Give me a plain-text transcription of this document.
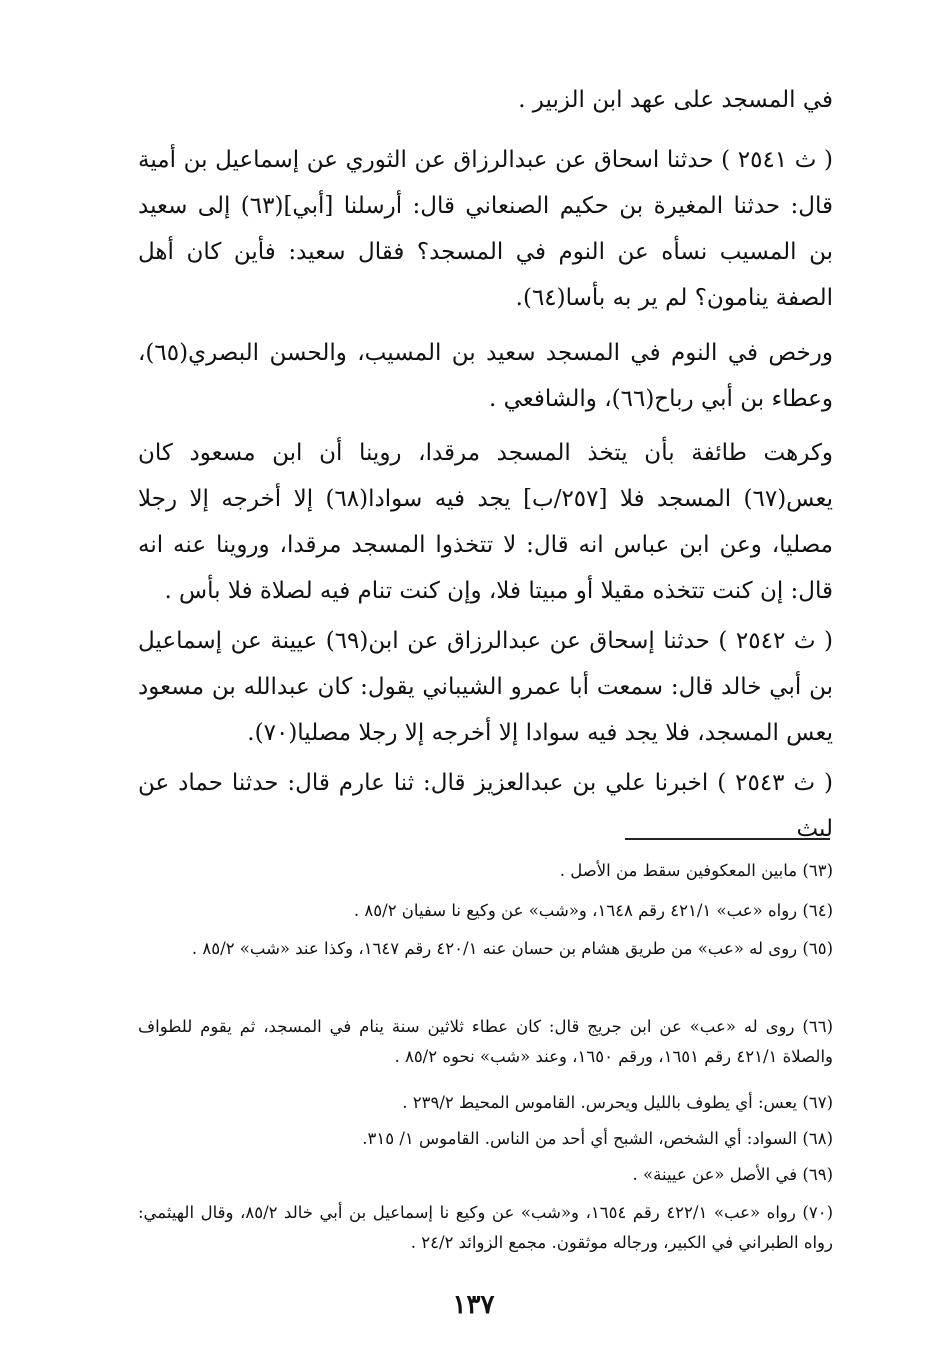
في المسجد على عهد ابن الزبير .

( ث ٢٥٤١ ) حدثنا اسحاق عن عبدالرزاق عن الثوري عن إسماعيل بن أمية قال: حدثنا المغيرة بن حكيم الصنعاني قال: أرسلنا [أبي](٦٣) إلى سعيد بن المسيب نسأه عن النوم في المسجد؟ فقال سعيد: فأين كان أهل الصفة ينامون؟ لم ير به بأسا(٦٤).

ورخص في النوم في المسجد سعيد بن المسيب، والحسن البصري(٦٥)، وعطاء بن أبي رباح(٦٦)، والشافعي .

وكرهت طائفة بأن يتخذ المسجد مرقدا، روينا أن ابن مسعود كان يعس(٦٧) المسجد فلا [٢٥٧/ب] يجد فيه سوادا(٦٨) إلا أخرجه إلا رجلا مصليا، وعن ابن عباس انه قال: لا تتخذوا المسجد مرقدا، وروينا عنه انه قال: إن كنت تتخذه مقيلا أو مبيتا فلا، وإن كنت تنام فيه لصلاة فلا بأس .

( ث ٢٥٤٢ ) حدثنا إسحاق عن عبدالرزاق عن ابن(٦٩) عيينة عن إسماعيل بن أبي خالد قال: سمعت أبا عمرو الشيباني يقول: كان عبدالله بن مسعود يعس المسجد، فلا يجد فيه سوادا إلا أخرجه إلا رجلا مصليا(٧٠).

( ث ٢٥٤٣ ) اخبرنا علي بن عبدالعزيز قال: ثنا عارم قال: حدثنا حماد عن ليث

(٦٣) مابين المعكوفين سقط من الأصل .

(٦٤) رواه «عب» ٤٢١/١ رقم ١٦٤٨، و«شب» عن وكيع نا سفيان ٨٥/٢ .

(٦٥) روى له «عب» من طريق هشام بن حسان عنه ٤٢٠/١ رقم ١٦٤٧، وكذا عند «شب» ٨٥/٢ .

(٦٦) روى له «عب» عن ابن جريج قال: كان عطاء ثلاثين سنة ينام في المسجد، ثم يقوم للطواف والصلاة ٤٢١/١ رقم ١٦٥١، ورقم ١٦٥٠، وعند «شب» نحوه ٨٥/٢ .

(٦٧) يعس: أي يطوف بالليل ويحرس. القاموس المحيط ٢٣٩/٢ .

(٦٨) السواد: أي الشخص، الشبح أي أحد من الناس. القاموس ١/ ٣١٥.

(٦٩) في الأصل «عن عيينة» .

(٧٠) رواه «عب» ٤٢٢/١ رقم ١٦٥٤، و«شب» عن وكيع نا إسماعيل بن أبي خالد ٨٥/٢، وقال الهيثمي: رواه الطبراني في الكبير، ورجاله موثقون. مجمع الزوائد ٢٤/٢ .

١٣٧
